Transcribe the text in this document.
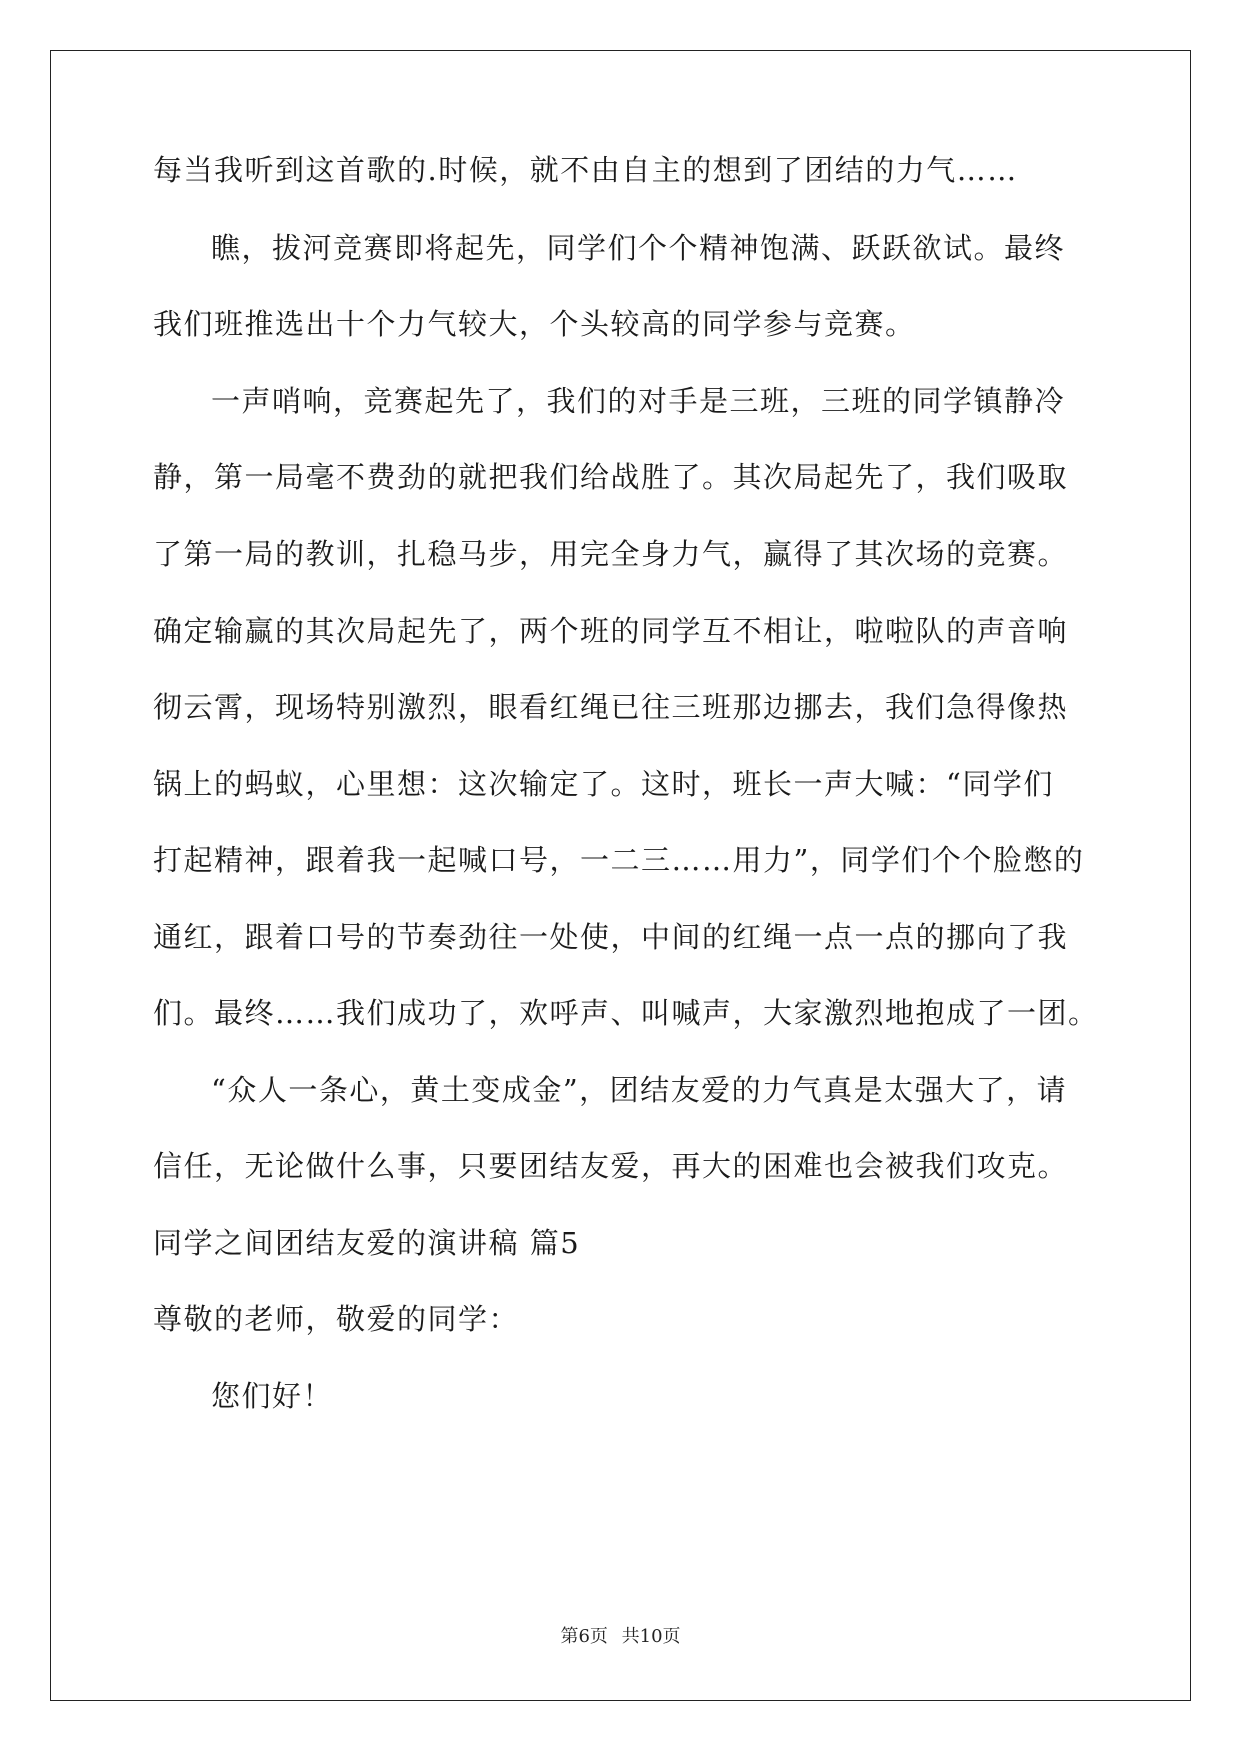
每当我听到这首歌的.时候，就不由自主的想到了团结的力气……
瞧，拔河竞赛即将起先，同学们个个精神饱满、跃跃欲试。最终
我们班推选出十个力气较大，个头较高的同学参与竞赛。
一声哨响，竞赛起先了，我们的对手是三班，三班的同学镇静冷
静，第一局毫不费劲的就把我们给战胜了。其次局起先了，我们吸取
了第一局的教训，扎稳马步，用完全身力气，赢得了其次场的竞赛。
确定输赢的其次局起先了，两个班的同学互不相让，啦啦队的声音响
彻云霄，现场特别激烈，眼看红绳已往三班那边挪去，我们急得像热
锅上的蚂蚁，心里想：这次输定了。这时，班长一声大喊：“同学们
打起精神，跟着我一起喊口号，一二三……用力”，同学们个个脸憋的
通红，跟着口号的节奏劲往一处使，中间的红绳一点一点的挪向了我
们。最终……我们成功了，欢呼声、叫喊声，大家激烈地抱成了一团。
“众人一条心，黄土变成金”，团结友爱的力气真是太强大了，请
信任，无论做什么事，只要团结友爱，再大的困难也会被我们攻克。
同学之间团结友爱的演讲稿 篇5
尊敬的老师，敬爱的同学：
您们好！
第6页 共10页
